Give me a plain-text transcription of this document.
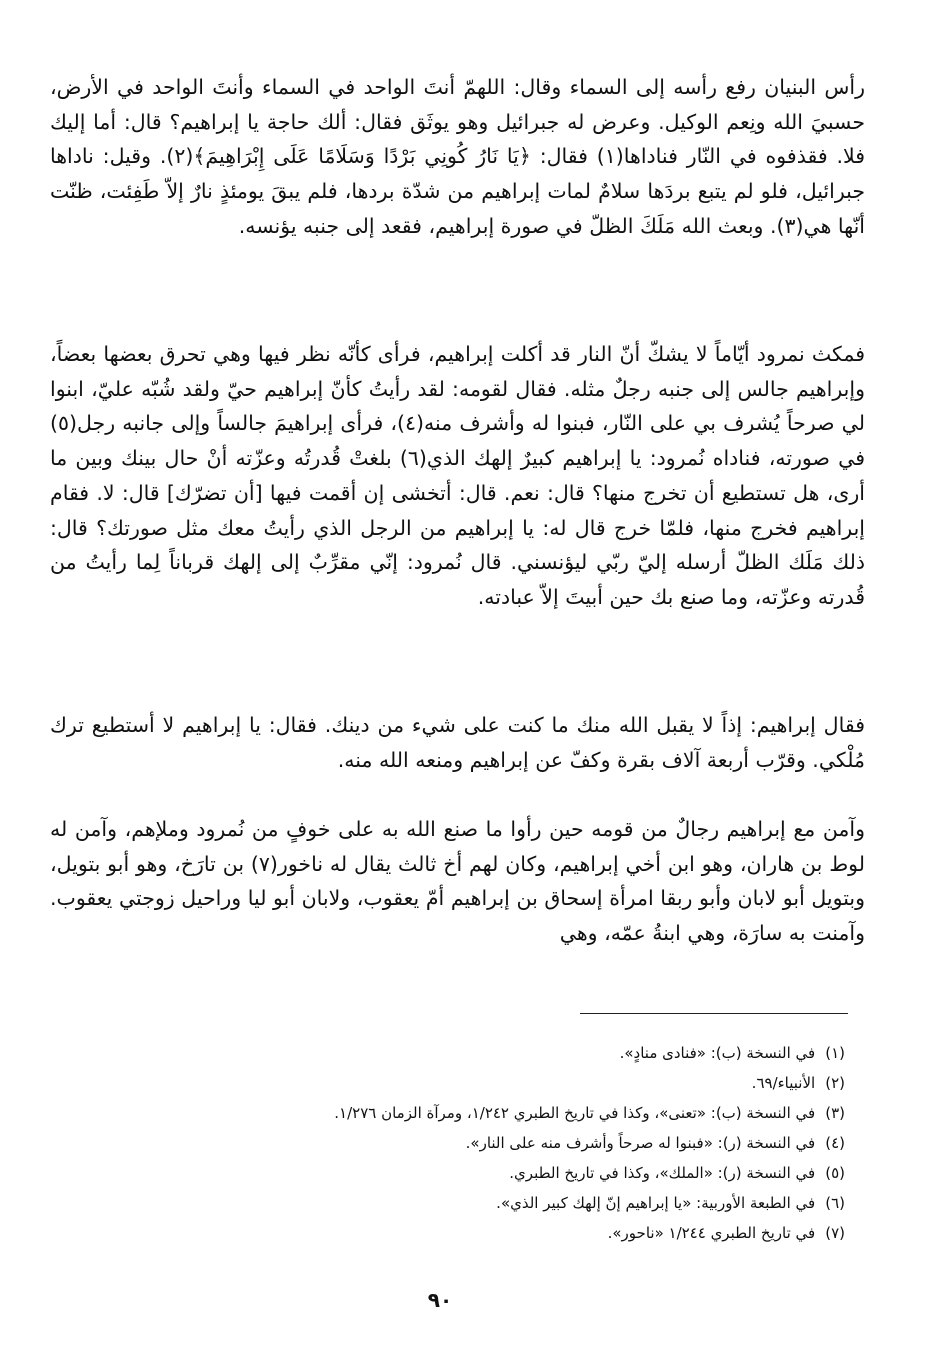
رأس البنيان رفع رأسه إلى السماء وقال: اللهمّ أنتَ الواحد في السماء وأنتَ الواحد في الأرض، حسبيَ الله ونِعم الوكيل. وعرض له جبرائيل وهو يوثَق فقال: ألك حاجة يا إبراهيم؟ قال: أما إليك فلا. فقذفوه في النّار فناداها(١) فقال: ﴿يَا نَارُ كُونِي بَرْدًا وَسَلَامًا عَلَى إِبْرَاهِيمَ﴾(٢). وقيل: ناداها جبرائيل، فلو لم يتبع بردَها سلامٌ لمات إبراهيم من شدّة بردها، فلم يبقَ يومئذٍ نارٌ إلاّ طَفِئت، ظنّت أنّها هي(٣). وبعث الله مَلَكَ الظلّ في صورة إبراهيم، فقعد إلى جنبه يؤنسه.

فمكث نمرود أيّاماً لا يشكّ أنّ النار قد أكلت إبراهيم، فرأى كأنّه نظر فيها وهي تحرق بعضها بعضاً، وإبراهيم جالس إلى جنبه رجلٌ مثله. فقال لقومه: لقد رأيتُ كأنّ إبراهيم حيّ ولقد شُبّه عليّ، ابنوا لي صرحاً يُشرف بي على النّار، فبنوا له وأشرف منه(٤)، فرأى إبراهيمَ جالساً وإلى جانبه رجل(٥) في صورته، فناداه نُمرود: يا إبراهيم كبيرٌ إلهك الذي(٦) بلغتْ قُدرتُه وعزّته أنْ حال بينك وبين ما أرى، هل تستطيع أن تخرج منها؟ قال: نعم. قال: أتخشى إن أقمت فيها [أن تضرّك] قال: لا. فقام إبراهيم فخرج منها، فلمّا خرج قال له: يا إبراهيم من الرجل الذي رأيتُ معك مثل صورتك؟ قال: ذلك مَلَك الظلّ أرسله إليّ ربّي ليؤنسني. قال نُمرود: إنّي مقرِّبٌ إلى إلهك قرباناً لِما رأيتُ من قُدرته وعزّته، وما صنع بك حين أبيتَ إلاّ عبادته.

فقال إبراهيم: إذاً لا يقبل الله منك ما كنت على شيء من دينك. فقال: يا إبراهيم لا أستطيع ترك مُلْكي. وقرّب أربعة آلاف بقرة وكفّ عن إبراهيم ومنعه الله منه.

وآمن مع إبراهيم رجالٌ من قومه حين رأوا ما صنع الله به على خوفٍ من نُمرود وملإهم، وآمن له لوط بن هاران، وهو ابن أخي إبراهيم، وكان لهم أخ ثالث يقال له ناخور(٧) بن تارَخ، وهو أبو بتويل، وبتويل أبو لابان وأبو ربقا امرأة إسحاق بن إبراهيم أمّ يعقوب، ولابان أبو ليا وراحيل زوجتي يعقوب. وآمنت به سارَة، وهي ابنةُ عمّه، وهي

(١)في النسخة (ب): «فنادى منادٍ».
(٢)الأنبياء/٦٩.
(٣)في النسخة (ب): «تعنى»، وكذا في تاريخ الطبري ١/٢٤٢، ومرآة الزمان ١/٢٧٦.
(٤)في النسخة (ر): «فبنوا له صرحاً وأشرف منه على النار».
(٥)في النسخة (ر): «الملك»، وكذا في تاريخ الطبري.
(٦)في الطبعة الأوربية: «يا إبراهيم إنّ إلهك كبير الذي».
(٧)في تاريخ الطبري ١/٢٤٤ «ناحور».
٩٠
